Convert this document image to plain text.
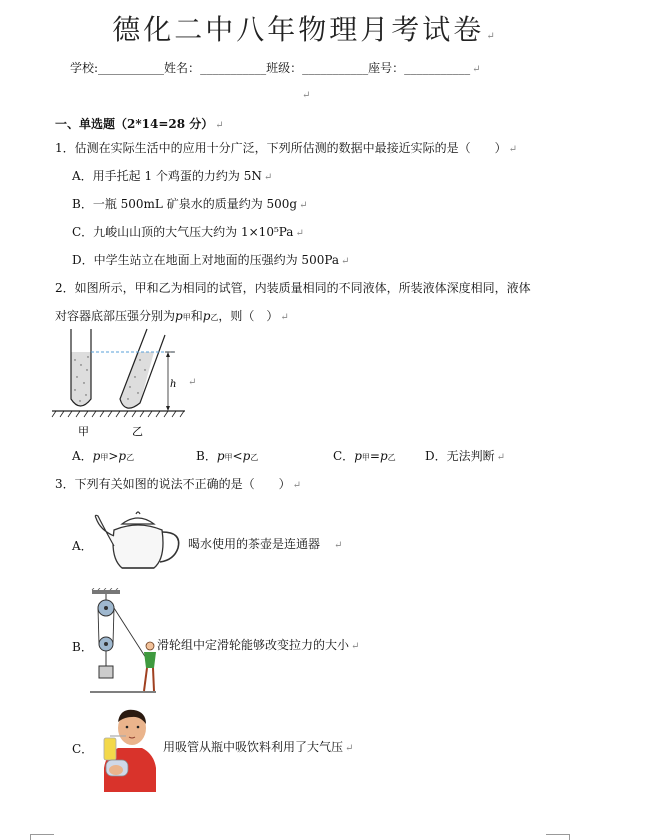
德化二中八年物理月考试卷 ↵
学校:___________姓名：___________班级：___________座号：___________ ↵
↵
一、单选题（2*14=28 分） ↵
1．估测在实际生活中的应用十分广泛，下列所估测的数据中最接近实际的是（　　） ↵
A．用手托起 1 个鸡蛋的力约为 5N ↵
B．一瓶 500mL 矿泉水的质量约为 500g ↵
C．九峻山山顶的大气压大约为 1×10⁵Pa ↵
D．中学生站立在地面上对地面的压强约为 500Pa ↵
2．如图所示，甲和乙为相同的试管，内装质量相同的不同液体，所装液体深度相同，液体
对容器底部压强分别为p甲和p乙，则（　） ↵
h
甲	乙
↵
A．p甲>p乙	B．p甲<p乙	C．p甲=p乙 D．无法判断 ↵
3．下列有关如图的说法不正确的是（　　） ↵
A．	喝水使用的茶壶是连通器 ↵
B．	滑轮组中定滑轮能够改变拉力的大小 ↵
C．	用吸管从瓶中吸饮料利用了大气压 ↵
